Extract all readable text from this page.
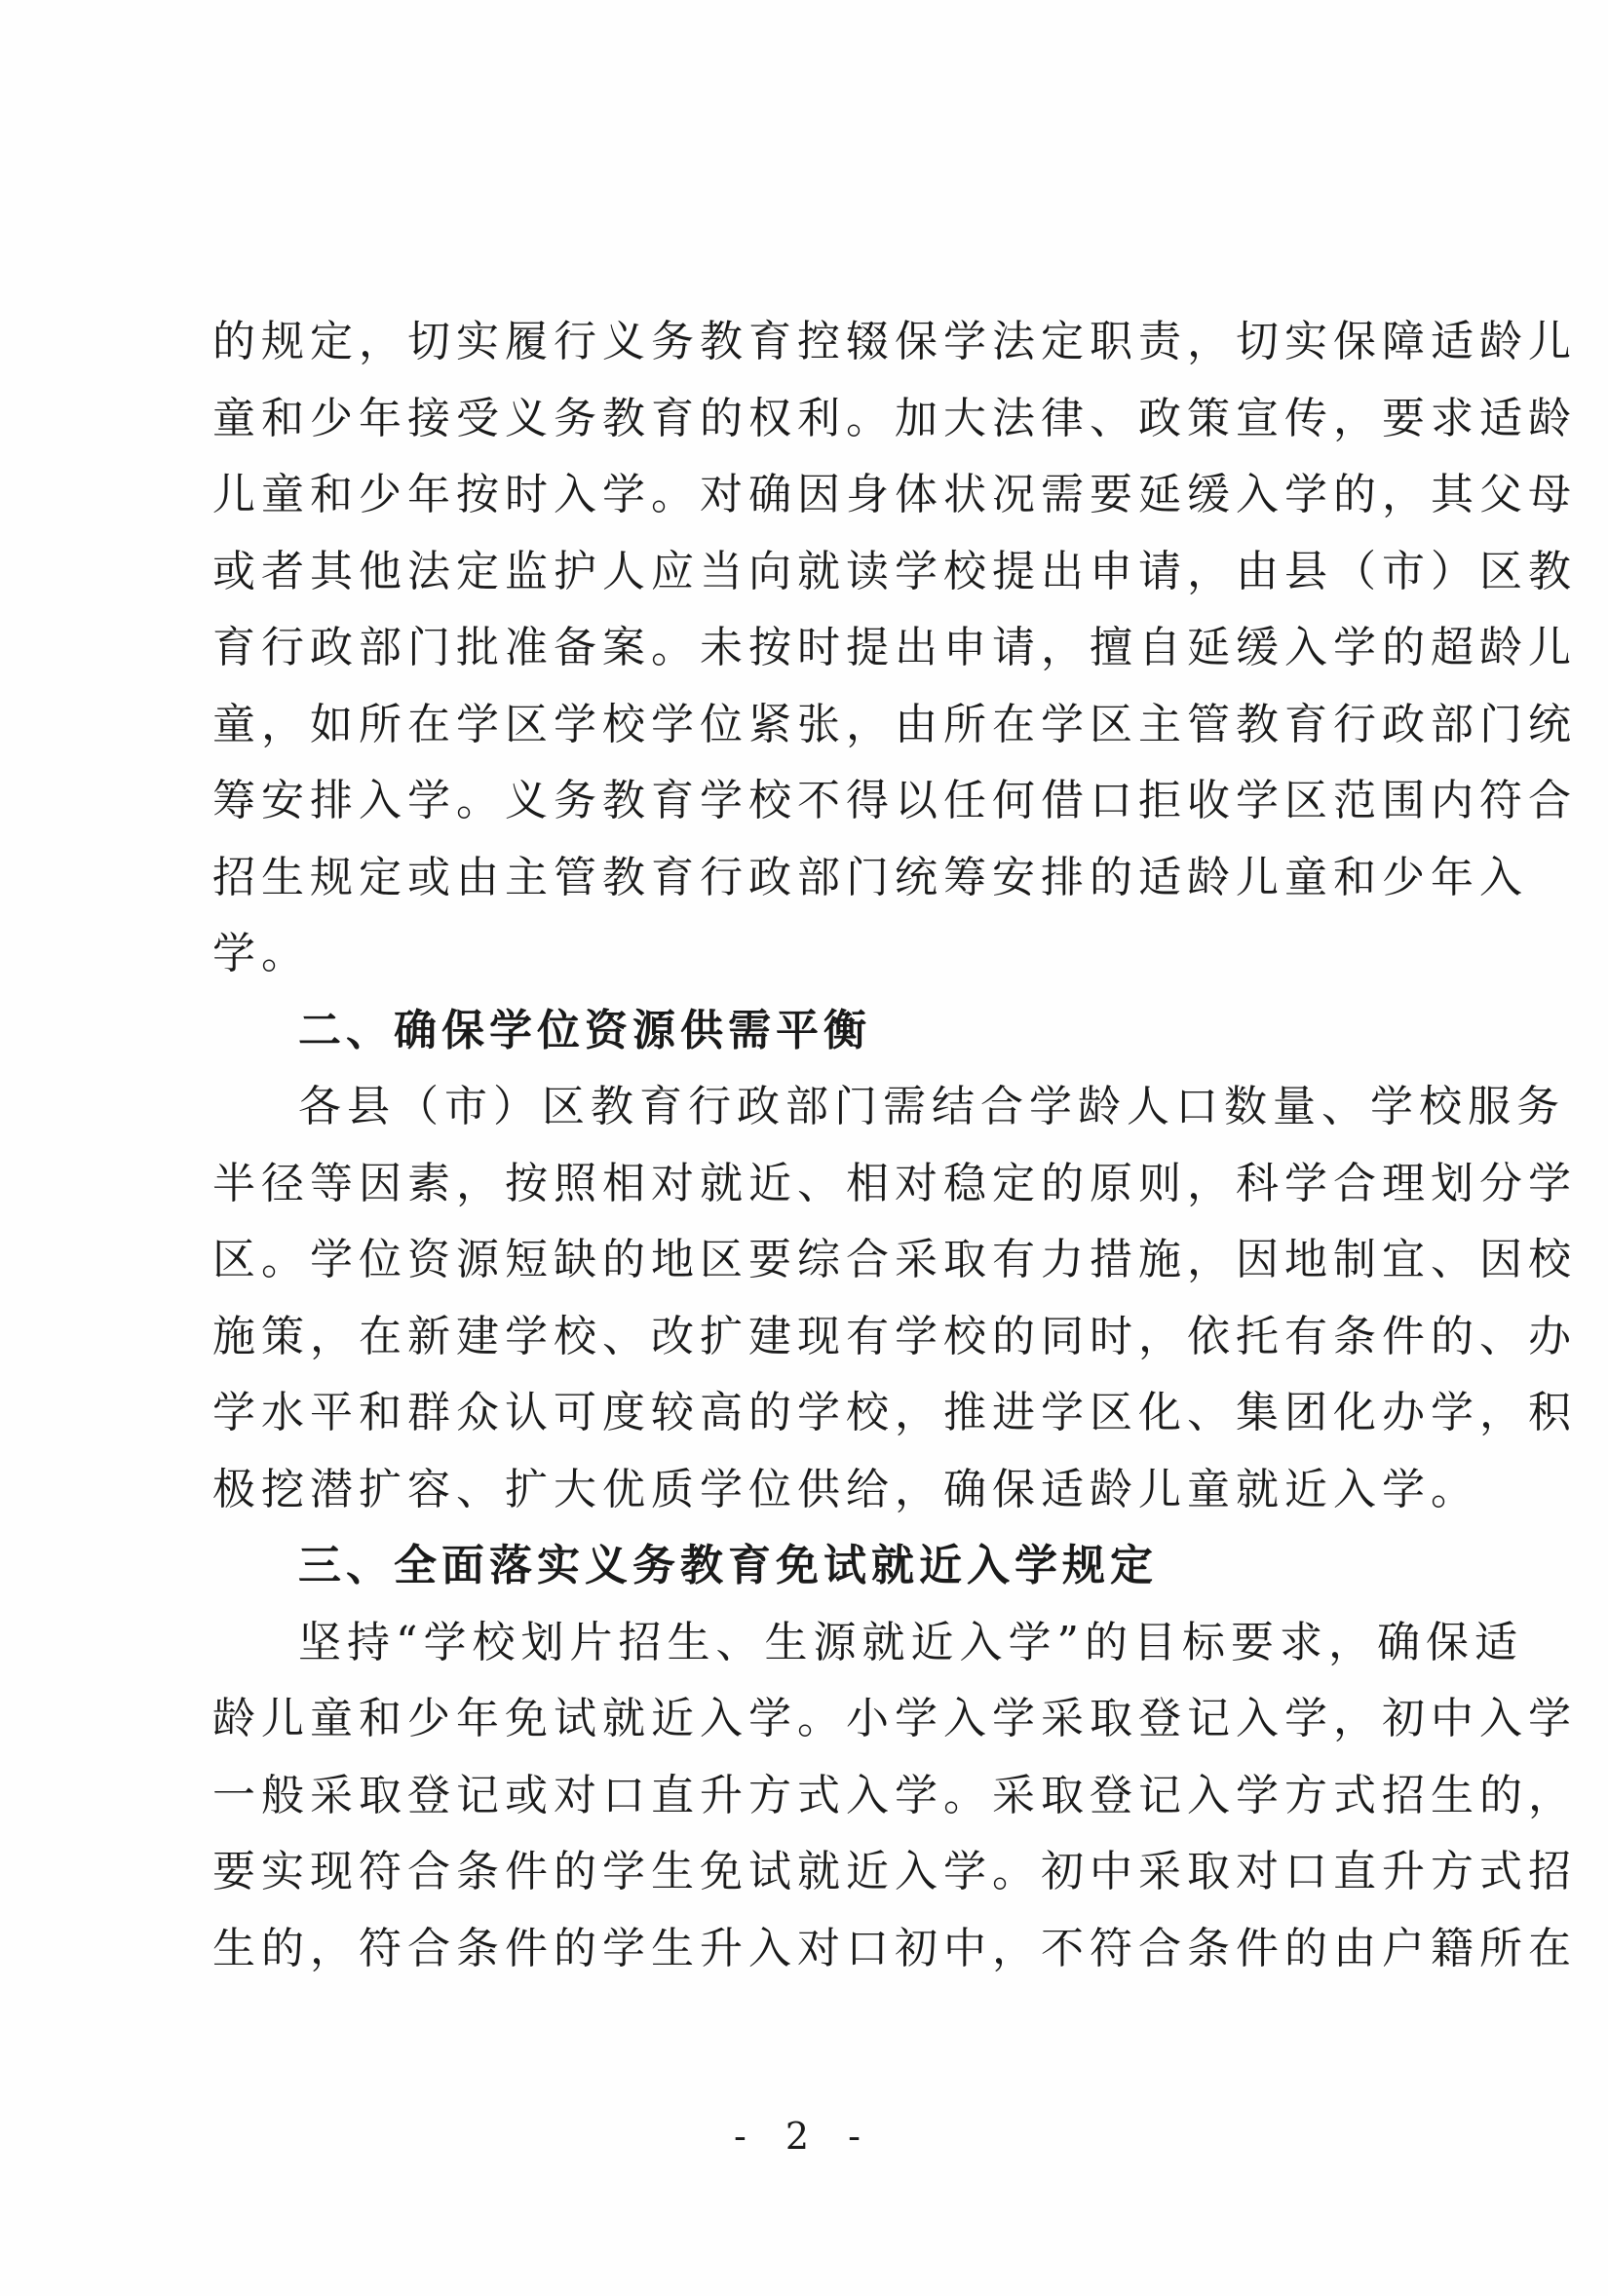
的规定，切实履行义务教育控辍保学法定职责，切实保障适龄儿
童和少年接受义务教育的权利。加大法律、政策宣传，要求适龄
儿童和少年按时入学。对确因身体状况需要延缓入学的，其父母
或者其他法定监护人应当向就读学校提出申请，由县（市）区教
育行政部门批准备案。未按时提出申请，擅自延缓入学的超龄儿
童，如所在学区学校学位紧张，由所在学区主管教育行政部门统
筹安排入学。义务教育学校不得以任何借口拒收学区范围内符合
招生规定或由主管教育行政部门统筹安排的适龄儿童和少年入
学。
二、确保学位资源供需平衡
各县（市）区教育行政部门需结合学龄人口数量、学校服务
半径等因素，按照相对就近、相对稳定的原则，科学合理划分学
区。学位资源短缺的地区要综合采取有力措施，因地制宜、因校
施策，在新建学校、改扩建现有学校的同时，依托有条件的、办
学水平和群众认可度较高的学校，推进学区化、集团化办学，积
极挖潜扩容、扩大优质学位供给，确保适龄儿童就近入学。
三、全面落实义务教育免试就近入学规定
坚持“学校划片招生、生源就近入学”的目标要求，确保适
龄儿童和少年免试就近入学。小学入学采取登记入学，初中入学
一般采取登记或对口直升方式入学。采取登记入学方式招生的，
要实现符合条件的学生免试就近入学。初中采取对口直升方式招
生的，符合条件的学生升入对口初中，不符合条件的由户籍所在
- 2 -
